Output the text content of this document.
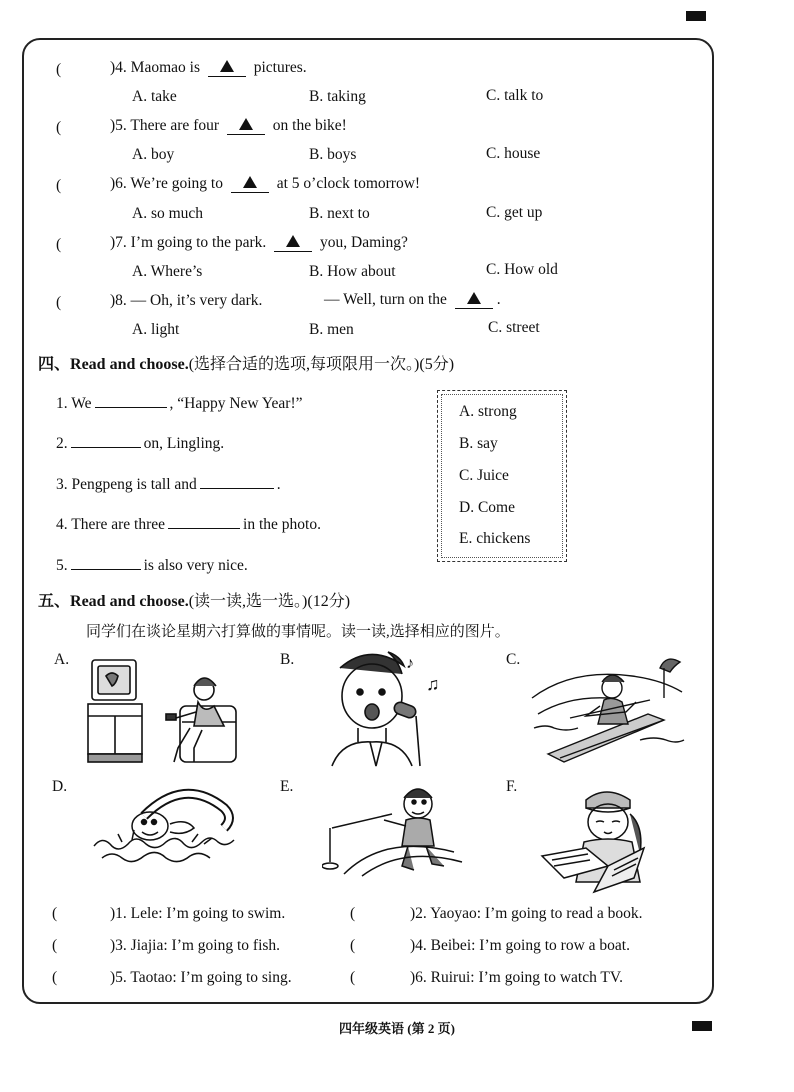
(	)4. Maomao is	pictures.
A. take	B. taking	C. talk to
(	)5. There are four	on the bike!
A. boy	B. boys	C. house
(	)6. We’re going to	at 5 o’clock tomorrow!
A. so much	B. next to	C. get up
(	)7. I’m going to the park.	you, Daming?
A. Where’s	B. How about	C. How old
(	)8. — Oh, it’s very dark.	— Well, turn on the	.
A. light	B. men	C. street
四、Read and choose.(选择合适的选项,每项限用一次。)(5分)
1. We	, “Happy New Year!”
2.	on, Lingling.
3. Pengpeng is tall and	.
4. There are three	in the photo.
5.	is also very nice.
A. strong
B. say
C. Juice
D. Come
E. chickens
五、Read and choose.(读一读,选一选。)(12分)
同学们在谈论星期六打算做的事情呢。读一读,选择相应的图片。
A.	B.	C.
D.	E.	F.
♪
♫
(	)1. Lele: I’m going to swim.	(	)2. Yaoyao: I’m going to read a book.
(	)3. Jiajia: I’m going to fish.	(	)4. Beibei: I’m going to row a boat.
(	)5. Taotao: I’m going to sing.	(	)6. Ruirui: I’m going to watch TV.
四年级英语 (第 2 页)
